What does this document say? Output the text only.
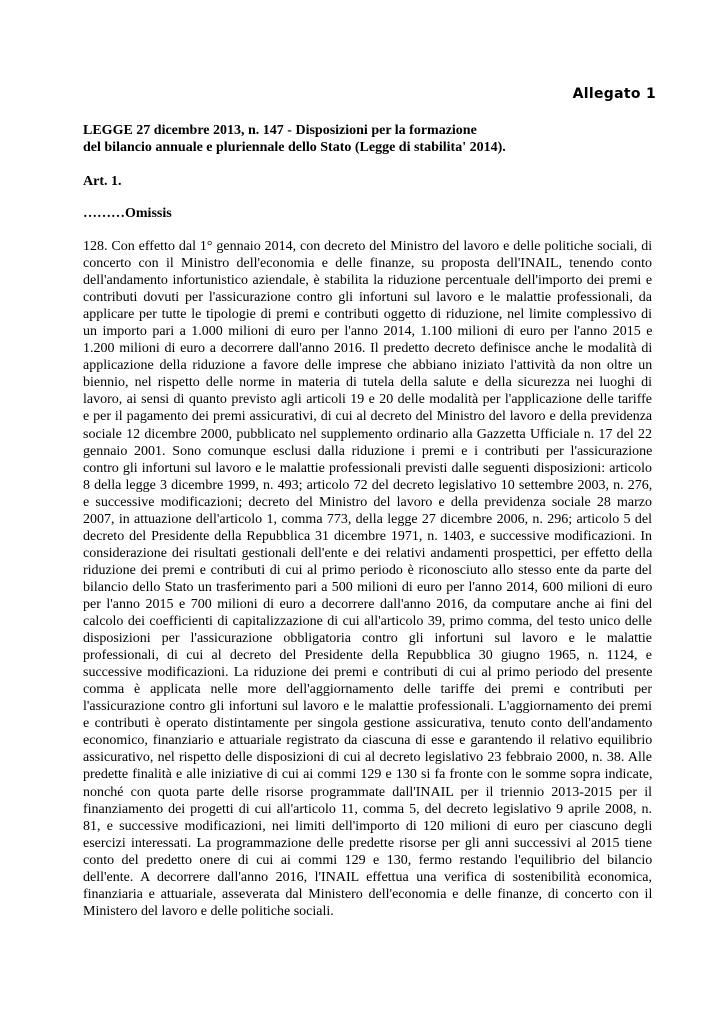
Allegato 1
LEGGE 27 dicembre 2013, n. 147 - Disposizioni per la formazione
del bilancio annuale e pluriennale dello Stato (Legge di stabilita' 2014).
Art. 1.
………Omissis
128. Con effetto dal 1° gennaio 2014, con decreto del Ministro del lavoro e delle politiche sociali, di
concerto con il Ministro dell'economia e delle finanze, su proposta dell'INAIL, tenendo conto
dell'andamento infortunistico aziendale, è stabilita la riduzione percentuale dell'importo dei premi e
contributi dovuti per l'assicurazione contro gli infortuni sul lavoro e le malattie professionali, da
applicare per tutte le tipologie di premi e contributi oggetto di riduzione, nel limite complessivo di
un importo pari a 1.000 milioni di euro per l'anno 2014, 1.100 milioni di euro per l'anno 2015 e
1.200 milioni di euro a decorrere dall'anno 2016. Il predetto decreto definisce anche le modalità di
applicazione della riduzione a favore delle imprese che abbiano iniziato l'attività da non oltre un
biennio, nel rispetto delle norme in materia di tutela della salute e della sicurezza nei luoghi di
lavoro, ai sensi di quanto previsto agli articoli 19 e 20 delle modalità per l'applicazione delle tariffe
e per il pagamento dei premi assicurativi, di cui al decreto del Ministro del lavoro e della previdenza
sociale 12 dicembre 2000, pubblicato nel supplemento ordinario alla Gazzetta Ufficiale n. 17 del 22
gennaio 2001. Sono comunque esclusi dalla riduzione i premi e i contributi per l'assicurazione
contro gli infortuni sul lavoro e le malattie professionali previsti dalle seguenti disposizioni: articolo
8 della legge 3 dicembre 1999, n. 493; articolo 72 del decreto legislativo 10 settembre 2003, n. 276,
e successive modificazioni; decreto del Ministro del lavoro e della previdenza sociale 28 marzo
2007, in attuazione dell'articolo 1, comma 773, della legge 27 dicembre 2006, n. 296; articolo 5 del
decreto del Presidente della Repubblica 31 dicembre 1971, n. 1403, e successive modificazioni. In
considerazione dei risultati gestionali dell'ente e dei relativi andamenti prospettici, per effetto della
riduzione dei premi e contributi di cui al primo periodo è riconosciuto allo stesso ente da parte del
bilancio dello Stato un trasferimento pari a 500 milioni di euro per l'anno 2014, 600 milioni di euro
per l'anno 2015 e 700 milioni di euro a decorrere dall'anno 2016, da computare anche ai fini del
calcolo dei coefficienti di capitalizzazione di cui all'articolo 39, primo comma, del testo unico delle
disposizioni per l'assicurazione obbligatoria contro gli infortuni sul lavoro e le malattie
professionali, di cui al decreto del Presidente della Repubblica 30 giugno 1965, n. 1124, e
successive modificazioni. La riduzione dei premi e contributi di cui al primo periodo del presente
comma è applicata nelle more dell'aggiornamento delle tariffe dei premi e contributi per
l'assicurazione contro gli infortuni sul lavoro e le malattie professionali. L'aggiornamento dei premi
e contributi è operato distintamente per singola gestione assicurativa, tenuto conto dell'andamento
economico, finanziario e attuariale registrato da ciascuna di esse e garantendo il relativo equilibrio
assicurativo, nel rispetto delle disposizioni di cui al decreto legislativo 23 febbraio 2000, n. 38. Alle
predette finalità e alle iniziative di cui ai commi 129 e 130 si fa fronte con le somme sopra indicate,
nonché con quota parte delle risorse programmate dall'INAIL per il triennio 2013-2015 per il
finanziamento dei progetti di cui all'articolo 11, comma 5, del decreto legislativo 9 aprile 2008, n.
81, e successive modificazioni, nei limiti dell'importo di 120 milioni di euro per ciascuno degli
esercizi interessati. La programmazione delle predette risorse per gli anni successivi al 2015 tiene
conto del predetto onere di cui ai commi 129 e 130, fermo restando l'equilibrio del bilancio
dell'ente. A decorrere dall'anno 2016, l'INAIL effettua una verifica di sostenibilità economica,
finanziaria e attuariale, asseverata dal Ministero dell'economia e delle finanze, di concerto con il
Ministero del lavoro e delle politiche sociali.
